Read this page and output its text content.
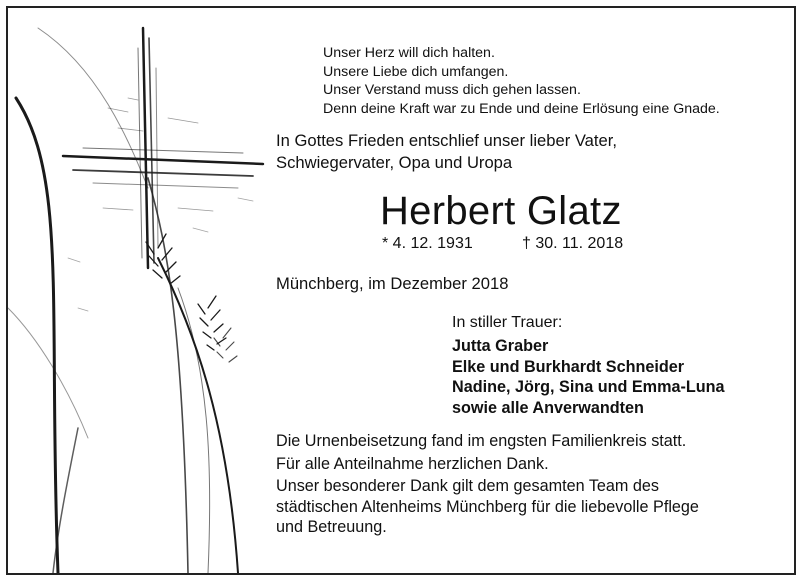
Unser Herz will dich halten.
Unsere Liebe dich umfangen.
Unser Verstand muss dich gehen lassen.
Denn deine Kraft war zu Ende und deine Erlösung eine Gnade.
In Gottes Frieden entschlief unser lieber Vater,
Schwiegervater, Opa und Uropa
Herbert Glatz
* 4. 12. 1931	† 30. 11. 2018
Münchberg, im Dezember 2018
In stiller Trauer:
Jutta Graber
Elke und Burkhardt Schneider
Nadine, Jörg, Sina und Emma-Luna
sowie alle Anverwandten
Die Urnenbeisetzung fand im engsten Familienkreis statt.
Für alle Anteilnahme herzlichen Dank.
Unser besonderer Dank gilt dem gesamten Team des
städtischen Altenheims Münchberg für die liebevolle Pflege
und Betreuung.
